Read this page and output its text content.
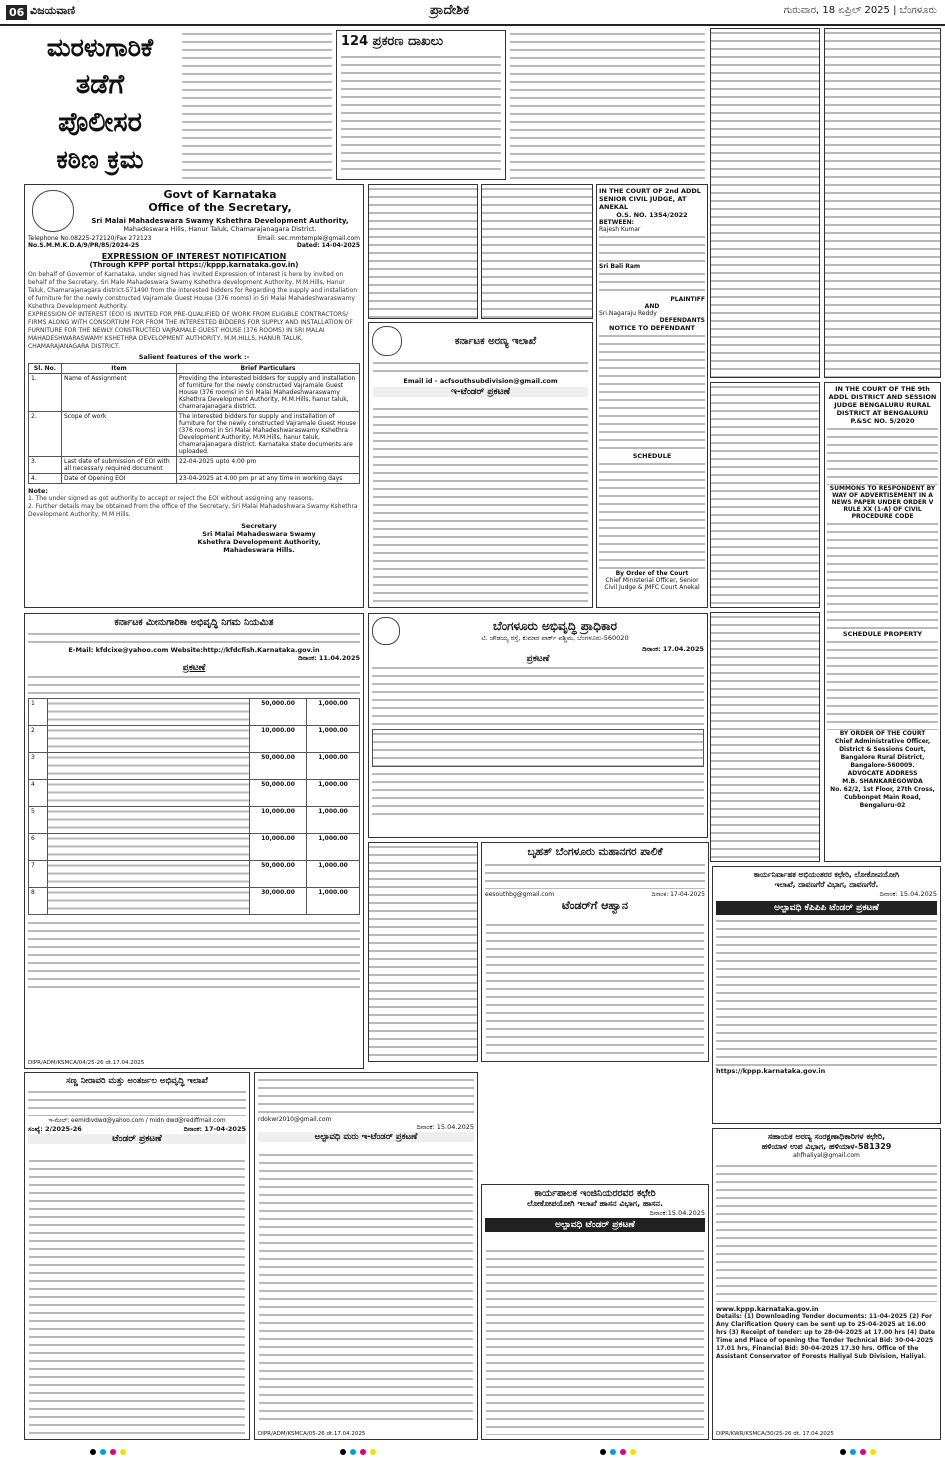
06 ವಿಜಯವಾಣಿ	ಪ್ರಾದೇಶಿಕ	ಗುರುವಾರ, 18 ಏಪ್ರಿಲ್ 2025 | ಬೆಂಗಳೂರು
ಮರಳುಗಾರಿಕೆ
ತಡೆಗೆ
ಪೊಲೀಸರ
ಕಠಿಣ ಕ್ರಮ
124 ಪ್ರಕರಣ ದಾಖಲು
Govt of Karnataka
Office of the Secretary,
Sri Malai Mahadeswara Swamy Kshethra Development Authority,
Mahadeswara Hills, Hanur Taluk, Chamarajanagara District.
Telephone No.08225-272120/Fax 272123	Email: sec.mmtemple@gmail.com
No.S.M.M.K.D.A/9/PR/85/2024-25	Dated: 14-04-2025
EXPRESSION OF INTEREST NOTIFICATION
(Through KPPP portal https://kppp.karnataka.gov.in)
On behalf of Governor of Karnataka, under signed has invited Expression of Interest is here by invited on behalf of the Secretary, Sri Male Mahadeswara Swamy Kshethra development Authority, M.M.Hills, Hanur Taluk, Chamarajanagara district-571490 from the interested bidders for Regarding the supply and installation of furniture for the newly constructed Vajramale Guest House (376 rooms) in Sri Malai Mahadeshwaraswamy Kshethra Development Authority.
EXPRESSION OF INTEREST (EOI) IS INVITED FOR PRE-QUALIFIED OF WORK FROM ELIGIBLE CONTRACTORS/ FIRMS ALONG WITH CONSORTIUM FOR FROM THE INTERESTED BIDDERS FOR SUPPLY AND INSTALLATION OF FURNITURE FOR THE NEWLY CONSTRUCTED VAJRAMALE GUEST HOUSE (376 ROOMS) IN SRI MALAI MAHADESHWARASWAMY KSHETHRA DEVELOPMENT AUTHORITY, M.M.HILLS, HANUR TALUK, CHAMARAJANAGARA DISTRICT.
Salient features of the work :-
Sl. No.	Item	Brief Particulars
1.	Name of Assignment	Providing the interested bidders for supply and installation of furniture for the newly constructed Vajramale Guest House (376 rooms) in Sri Malai Mahadeshwaraswamy Kshethra Development Authority, M.M.Hills, hanur taluk, chamarajanagara district.
2.	Scope of work	The interested bidders for supply and installation of furniture for the newly constructed Vajramale Guest House (376 rooms) in Sri Malai Mahadeshwaraswamy Kshethra Development Authority, M.M.Hills, hanur taluk, chamarajanagara district. Karnataka state documents are uploaded.
3.	Last date of submission of EOI with all necessary required document	22-04-2025 upto 4.00 pm
4.	Date of Opening EOI	23-04-2025 at 4.00 pm pr at any time in working days
Note:
1. The under signed as got authority to accept or reject the EOI without assigning any reasons.
2. Further details may be obtained from the office of the Secretary, Sri Malai Mahadeshwara Swamy Kshethra Development Authority, M M Hills.
Secretary
Sri Malai Mahadeswara Swamy
Kshethra Development Authority,
Mahadeswara Hills.
IN THE COURT OF 2nd ADDL SENIOR CIVIL JUDGE, AT ANEKAL
O.S. NO. 1354/2022
BETWEEN:
Rajesh Kumar
Sri Bali Ram
PLAINTIFF
AND
Sri.Nagaraju Reddy
DEFENDANTS
NOTICE TO DEFENDANT
SCHEDULE
By Order of the Court
Chief Ministerial Officer, Senior Civil Judge & JMFC Court Anekal
ಕರ್ನಾಟಕ ಅರಣ್ಯ ಇಲಾಖೆ
Email id - acfsouthsubdivision@gmail.com
ಇ-ಟೆಂಡರ್ ಪ್ರಕಟಣೆ	IN THE COURT OF THE 9th ADDL DISTRICT AND SESSION JUDGE BENGALURU RURAL DISTRICT AT BENGALURU
P.&SC NO. 5/2020
SUMMONS TO RESPONDENT BY WAY OF ADVERTISEMENT IN A NEWS PAPER UNDER ORDER V RULE XX (1-A) OF CIVIL PROCEDURE CODE
SCHEDULE PROPERTY
BY ORDER OF THE COURT
Chief Administrative Officer,
District & Sessions Court,
Bangalore Rural District,
Bangalore-560009.
ADVOCATE ADDRESS
M.B. SHANKAREGOWDA
No. 62/2, 1st Floor, 27th Cross, Cubbonpet Main Road, Bengaluru-02
ಕರ್ನಾಟಕ ಮೀನುಗಾರಿಕಾ ಅಭಿವೃದ್ಧಿ ನಿಗಮ ನಿಯಮಿತ
E-Mail: kfdcixe@yahoo.com Website:http://kfdcfish.Karnataka.gov.in
ದಿನಾಂಕ: 11.04.2025
ಪ್ರಕಟಣೆ
1		50,000.00	1,000.00
2		10,000.00	1,000.00
3		50,000.00	1,000.00
4		50,000.00	1,000.00
5		10,000.00	1,000.00
6		10,000.00	1,000.00
7		50,000.00	1,000.00
8		30,000.00	1,000.00
DIPR/ADM/KSMCA/04/25-26 dt.17.04.2025
ಬೆಂಗಳೂರು ಅಭಿವೃದ್ಧಿ ಪ್ರಾಧಿಕಾರ
ಟಿ. ಚೌಡಯ್ಯ ರಸ್ತೆ, ಕುಮಾರ ಪಾರ್ಕ್ ಪಶ್ಚಿಮ, ಬೆಂಗಳೂರು-560020
ದಿನಾಂಕ: 17.04.2025
ಪ್ರಕಟಣೆ
ಬೃಹತ್ ಬೆಂಗಳೂರು ಮಹಾನಗರ ಪಾಲಿಕೆ
eesouthbg@gmail.com	ದಿನಾಂಕ: 17-04-2025
ಟೆಂಡರ್‌ಗೆ ಆಹ್ವಾನ
ಕಾರ್ಯನಿರ್ವಾಹಕ ಅಭಿಯಂತರರ ಕಛೇರಿ, ಲೋಕೋಪಯೋಗಿ
ಇಲಾಖೆ, ದಾವಣಗೆರೆ ವಿಭಾಗ, ದಾವಣಗೆರೆ.
ದಿನಾಂಕ: 15.04.2025
ಅಲ್ಪಾವಧಿ ಕೆಪಿಪಿಪಿ ಟೆಂಡರ್ ಪ್ರಕಟಣೆ
https://kppp.karnataka.gov.in
ಸಣ್ಣ ನೀರಾವರಿ ಮತ್ತು ಅಂತರ್ಜಲ ಅಭಿವೃದ್ಧಿ ಇಲಾಖೆ
ಇ-ಮೇಲ್: eemidivdwd@yahoo.com / midn dwd@rediffmail.com
ಸಂಖ್ಯೆ: 2/2025-26	ದಿನಾಂಕ: 17-04-2025
ಟೆಂಡರ್ ಪ್ರಕಟಣೆ
rdokwr2010@gmail.com
ದಿನಾಂಕ: 15.04.2025
ಅಲ್ಪಾವಧಿ ಮರು ಇ-ಟೆಂಡರ್ ಪ್ರಕಟಣೆ
DIPR/ADM/KSMCA/05-26 dt.17.04.2025
ಕಾರ್ಯಪಾಲಕ ಇಂಜಿನಿಯರರವರ ಕಛೇರಿ
ಲೋಕೋಪಯೋಗಿ ಇಲಾಖೆ ಹಾಸನ ವಿಭಾಗ, ಹಾಸನ.
ದಿನಾಂಕ:15.04.2025
ಅಲ್ಪಾವಧಿ ಟೆಂಡರ್ ಪ್ರಕಟಣೆ
ಸಹಾಯಕ ಅರಣ್ಯ ಸಂರಕ್ಷಣಾಧಿಕಾರಿಗಳ ಕಛೇರಿ,
ಹಳಿಯಾಳ ಉಪ ವಿಭಾಗ, ಹಳಿಯಾಳ-581329
ahfhaliyal@gmail.com
www.kppp.karnataka.gov.in
Details: (1) Downloading Tender documents: 11-04-2025 (2) For Any Clarification Query can be sent up to 25-04-2025 at 16.00 hrs (3) Receipt of tender: up to 28-04-2025 at 17.00 hrs (4) Date Time and Place of opening the Tender Technical Bid: 30-04-2025 17.01 hrs, Financial Bid: 30-04-2025 17.30 hrs. Office of the Assistant Conservator of Forests Haliyal Sub Division, Haliyal.
DIPR/KWR/KSMCA/30/25-26 dt. 17.04.2025
